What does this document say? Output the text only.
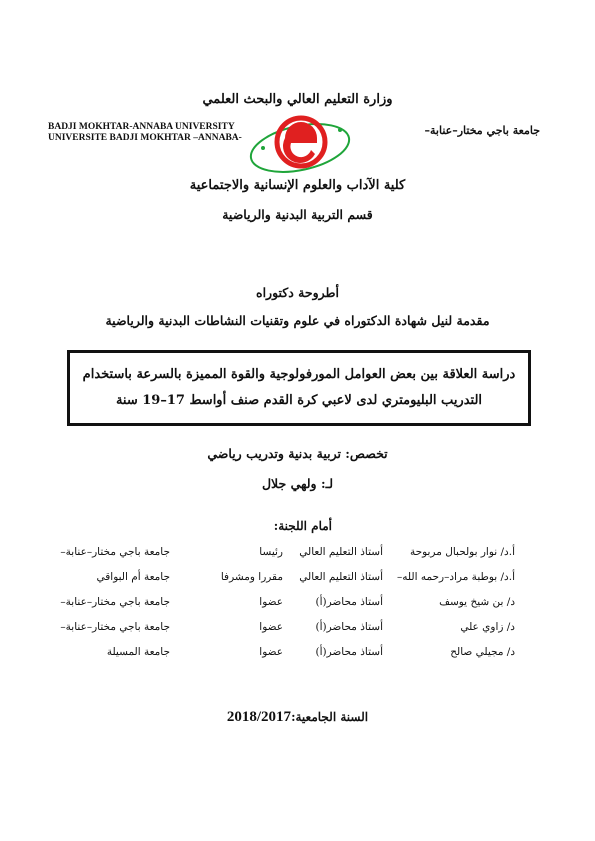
وزارة التعليم العالي والبحث العلمي
BADJI MOKHTAR-ANNABA UNIVERSITY
UNIVERSITE BADJI MOKHTAR –ANNABA-
جامعة باجي مختار–عنابة–
كلية الآداب والعلوم الإنسانية والاجتماعية
قسم التربية البدنية والرياضية
أطروحة دكتوراه
مقدمة لنيل شهادة الدكتوراه في علوم وتقنيات النشاطات البدنية والرياضية
دراسة العلاقة بين بعض العوامل المورفولوجية والقوة المميزة بالسرعة باستخدام
التدريب البليومتري لدى لاعبي كرة القدم صنف أواسط 17–19 سنة
تخصص: تربية بدنية وتدريب رياضي
لـ: ولهي جلال
أمام اللجنة:
أ.د/ نوار بولحبال مربوحة
أستاذ التعليم العالي
رئيسا
جامعة باجي مختار–عنابة–
أ.د/ بوطبة مراد–رحمه الله–
أستاذ التعليم العالي
مقررا ومشرفا
جامعة أم البواقي
د/ بن شيخ يوسف
أستاذ محاضر(أ)
عضوا
جامعة باجي مختار–عنابة–
د/ زاوي علي
أستاذ محاضر(أ)
عضوا
جامعة باجي مختار–عنابة–
د/ مجيلي صالح
أستاذ محاضر(أ)
عضوا
جامعة المسيلة
السنة الجامعية:2018/2017
